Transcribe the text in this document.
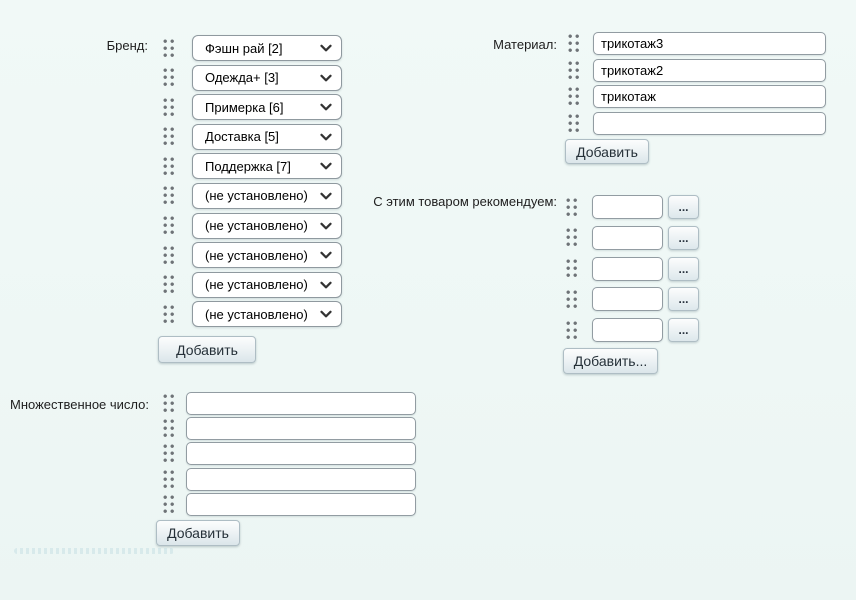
Бренд:	Фэшн рай [2]
Одежда+ [3]
Примерка [6]
Доставка [5]
Поддержка [7]
(не установлено)
(не установлено)
(не установлено)
(не установлено)
(не установлено)
Добавить
Материал:
трикотаж3
трикотаж2
трикотаж
Добавить
С этим товаром рекомендуем:	...
...
...
...
...
Добавить...
Множественное число:
Добавить
